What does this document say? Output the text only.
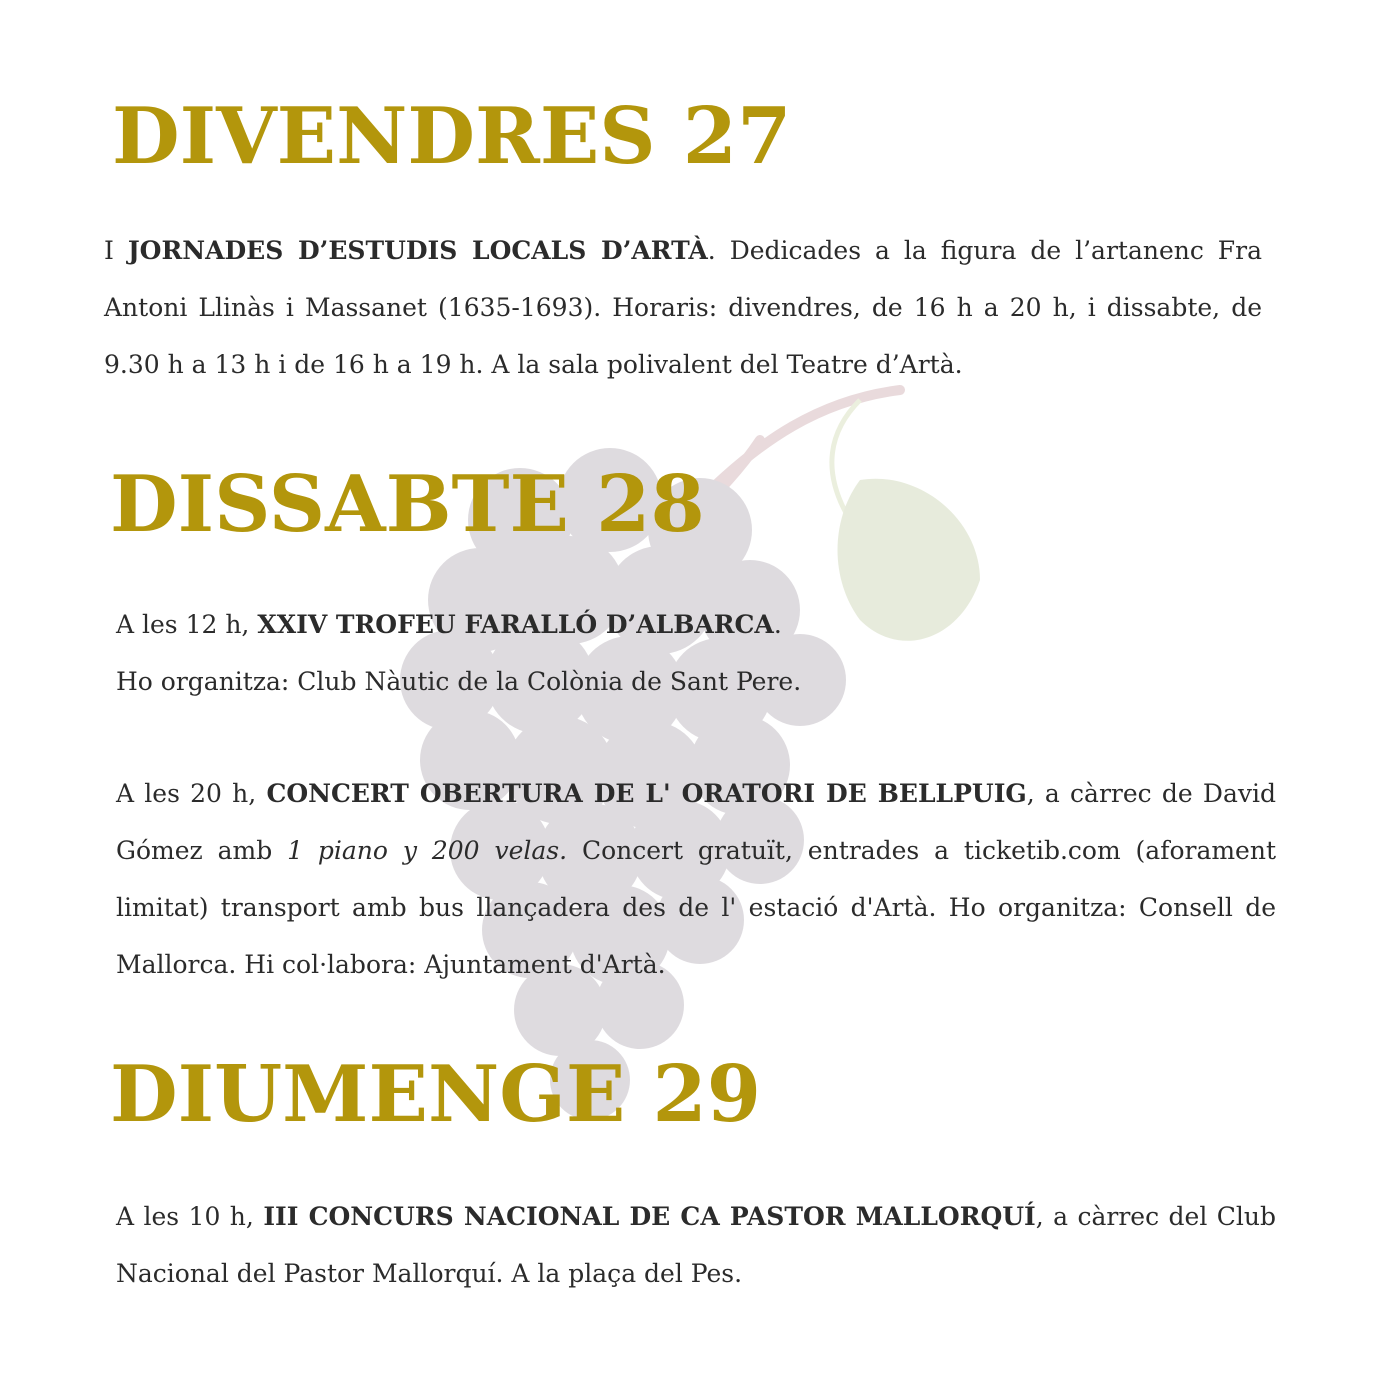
DIVENDRES 27

I JORNADES D’ESTUDIS LOCALS D’ARTÀ. Dedicades a la figura de l’artanenc Fra Antoni Llinàs i Massanet (1635-1693). Horaris: divendres, de 16 h a 20 h, i dissabte, de 9.30 h a 13 h i de 16 h a 19 h. A la sala polivalent del Teatre d’Artà.

DISSABTE 28

A les 12 h, XXIV TROFEU FARALLÓ D’ALBARCA.
Ho organitza: Club Nàutic de la Colònia de Sant Pere.

A les 20 h, CONCERT OBERTURA DE L' ORATORI DE BELLPUIG, a càrrec de David Gómez amb 1 piano y 200 velas. Concert gratuït, entrades a ticketib.com (aforament limitat) transport amb bus llançadera des de l' estació d'Artà. Ho organitza: Consell de Mallorca. Hi col·labora: Ajuntament d'Artà.

DIUMENGE 29

A les 10 h, III CONCURS NACIONAL DE CA PASTOR MALLORQUÍ, a càrrec del Club Nacional del Pastor Mallorquí. A la plaça del Pes.
